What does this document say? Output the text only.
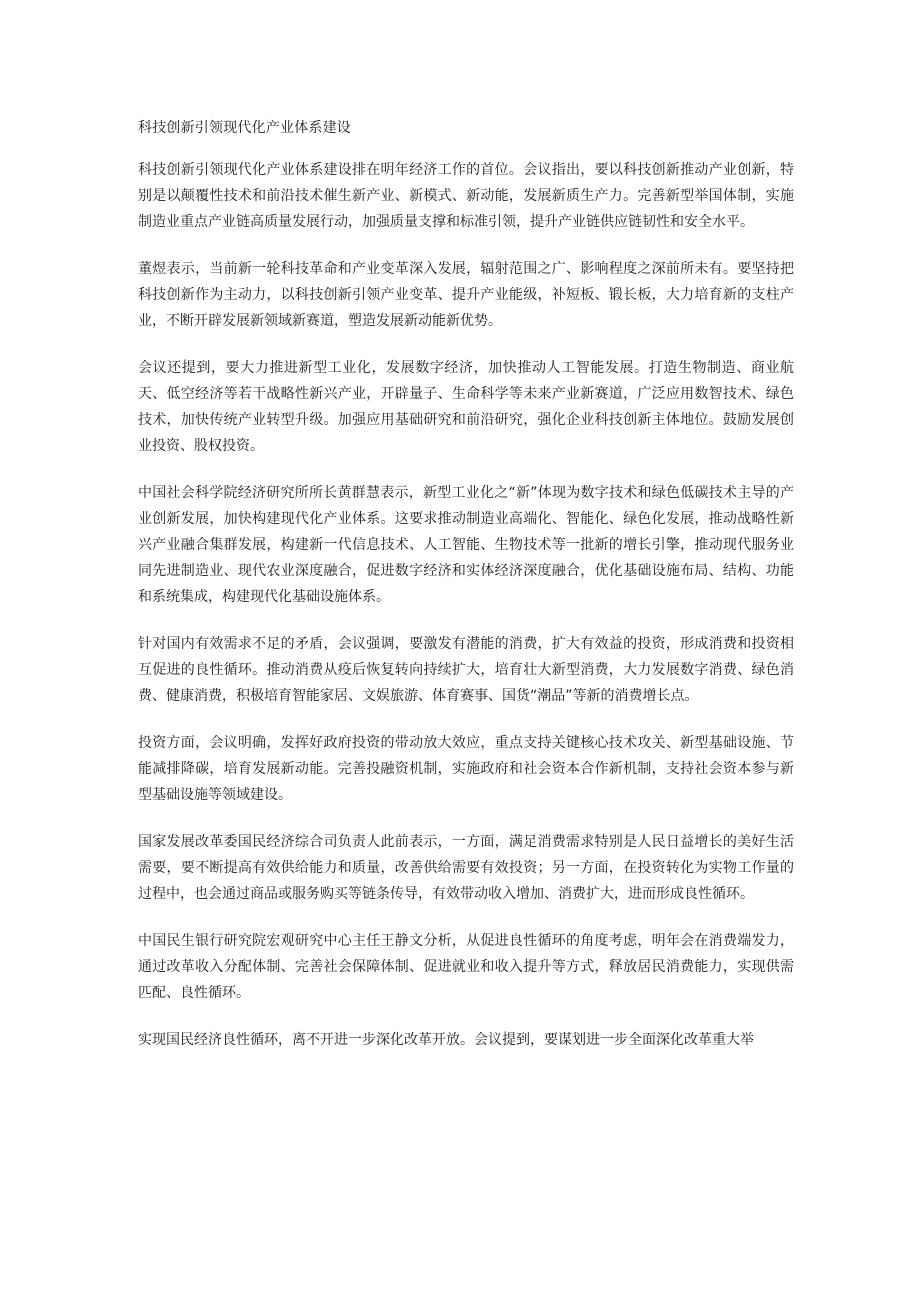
科技创新引领现代化产业体系建设

科技创新引领现代化产业体系建设排在明年经济工作的首位。会议指出，要以科技创新推动产业创新，特别是以颠覆性技术和前沿技术催生新产业、新模式、新动能，发展新质生产力。完善新型举国体制，实施制造业重点产业链高质量发展行动，加强质量支撑和标准引领，提升产业链供应链韧性和安全水平。

董煜表示，当前新一轮科技革命和产业变革深入发展，辐射范围之广、影响程度之深前所未有。要坚持把科技创新作为主动力，以科技创新引领产业变革、提升产业能级，补短板、锻长板，大力培育新的支柱产业，不断开辟发展新领域新赛道，塑造发展新动能新优势。

会议还提到，要大力推进新型工业化，发展数字经济，加快推动人工智能发展。打造生物制造、商业航天、低空经济等若干战略性新兴产业，开辟量子、生命科学等未来产业新赛道，广泛应用数智技术、绿色技术，加快传统产业转型升级。加强应用基础研究和前沿研究，强化企业科技创新主体地位。鼓励发展创业投资、股权投资。

中国社会科学院经济研究所所长黄群慧表示，新型工业化之“新”体现为数字技术和绿色低碳技术主导的产业创新发展，加快构建现代化产业体系。这要求推动制造业高端化、智能化、绿色化发展，推动战略性新兴产业融合集群发展，构建新一代信息技术、人工智能、生物技术等一批新的增长引擎，推动现代服务业同先进制造业、现代农业深度融合，促进数字经济和实体经济深度融合，优化基础设施布局、结构、功能和系统集成，构建现代化基础设施体系。

针对国内有效需求不足的矛盾，会议强调，要激发有潜能的消费，扩大有效益的投资，形成消费和投资相互促进的良性循环。推动消费从疫后恢复转向持续扩大，培育壮大新型消费，大力发展数字消费、绿色消费、健康消费，积极培育智能家居、文娱旅游、体育赛事、国货“潮品”等新的消费增长点。

投资方面，会议明确，发挥好政府投资的带动放大效应，重点支持关键核心技术攻关、新型基础设施、节能减排降碳，培育发展新动能。完善投融资机制，实施政府和社会资本合作新机制，支持社会资本参与新型基础设施等领域建设。

国家发展改革委国民经济综合司负责人此前表示，一方面，满足消费需求特别是人民日益增长的美好生活需要，要不断提高有效供给能力和质量，改善供给需要有效投资；另一方面，在投资转化为实物工作量的过程中，也会通过商品或服务购买等链条传导，有效带动收入增加、消费扩大，进而形成良性循环。

中国民生银行研究院宏观研究中心主任王静文分析，从促进良性循环的角度考虑，明年会在消费端发力，通过改革收入分配体制、完善社会保障体制、促进就业和收入提升等方式，释放居民消费能力，实现供需匹配、良性循环。

实现国民经济良性循环，离不开进一步深化改革开放。会议提到，要谋划进一步全面深化改革重大举
